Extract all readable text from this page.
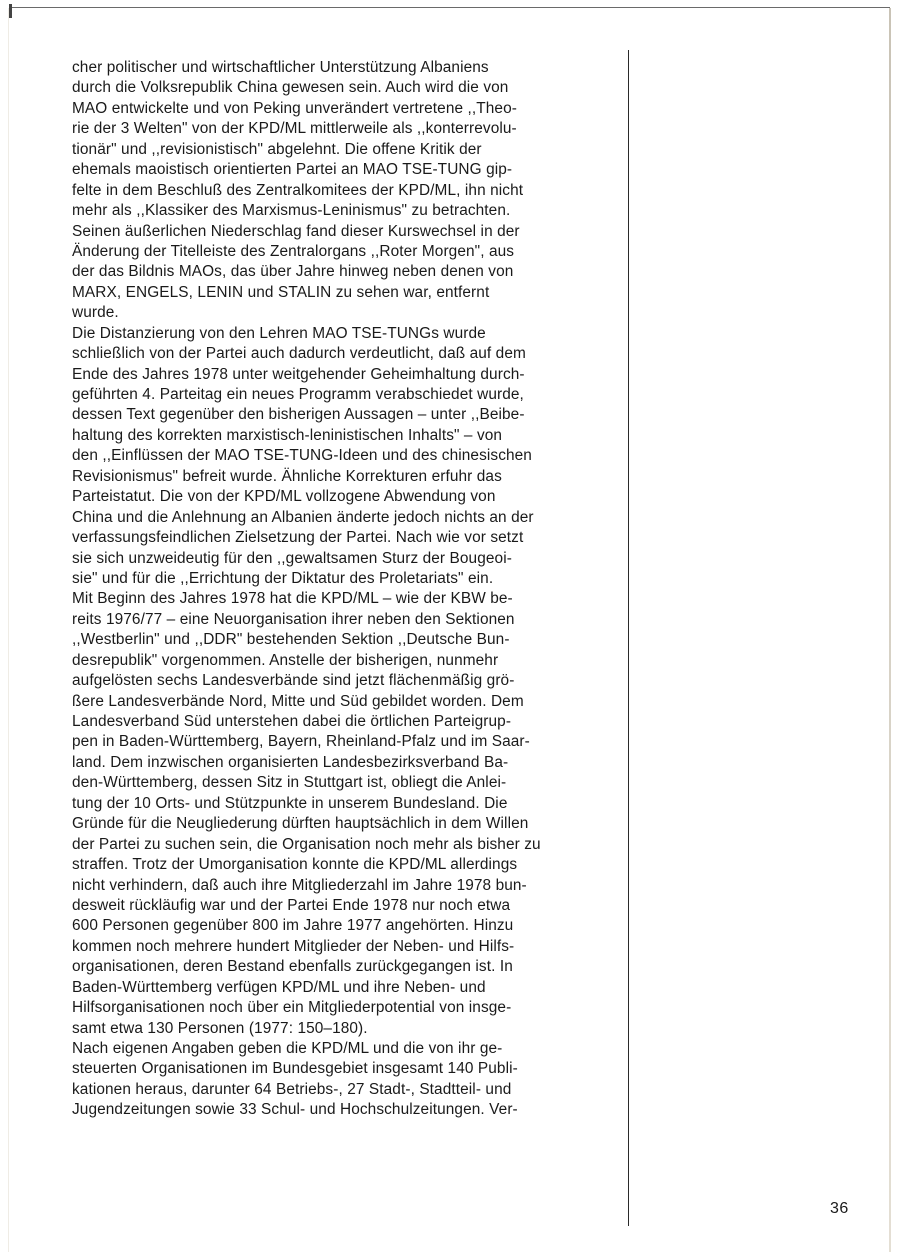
cher politischer und wirtschaftlicher Unterstützung Albaniens
durch die Volksrepublik China gewesen sein. Auch wird die von
MAO entwickelte und von Peking unverändert vertretene ,,Theo-
rie der 3 Welten" von der KPD/ML mittlerweile als ,,konterrevolu-
tionär" und ,,revisionistisch" abgelehnt. Die offene Kritik der
ehemals maoistisch orientierten Partei an MAO TSE-TUNG gip-
felte in dem Beschluß des Zentralkomitees der KPD/ML, ihn nicht
mehr als ,,Klassiker des Marxismus-Leninismus" zu betrachten.
Seinen äußerlichen Niederschlag fand dieser Kurswechsel in der
Änderung der Titelleiste des Zentralorgans ,,Roter Morgen", aus
der das Bildnis MAOs, das über Jahre hinweg neben denen von
MARX, ENGELS, LENIN und STALIN zu sehen war, entfernt
wurde.
Die Distanzierung von den Lehren MAO TSE-TUNGs wurde
schließlich von der Partei auch dadurch verdeutlicht, daß auf dem
Ende des Jahres 1978 unter weitgehender Geheimhaltung durch-
geführten 4. Parteitag ein neues Programm verabschiedet wurde,
dessen Text gegenüber den bisherigen Aussagen – unter ,,Beibe-
haltung des korrekten marxistisch-leninistischen Inhalts" – von
den ,,Einflüssen der MAO TSE-TUNG-Ideen und des chinesischen
Revisionismus" befreit wurde. Ähnliche Korrekturen erfuhr das
Parteistatut. Die von der KPD/ML vollzogene Abwendung von
China und die Anlehnung an Albanien änderte jedoch nichts an der
verfassungsfeindlichen Zielsetzung der Partei. Nach wie vor setzt
sie sich unzweideutig für den ,,gewaltsamen Sturz der Bougeoi-
sie" und für die ,,Errichtung der Diktatur des Proletariats" ein.
Mit Beginn des Jahres 1978 hat die KPD/ML – wie der KBW be-
reits 1976/77 – eine Neuorganisation ihrer neben den Sektionen
,,Westberlin" und ,,DDR" bestehenden Sektion ,,Deutsche Bun-
desrepublik" vorgenommen. Anstelle der bisherigen, nunmehr
aufgelösten sechs Landesverbände sind jetzt flächenmäßig grö-
ßere Landesverbände Nord, Mitte und Süd gebildet worden. Dem
Landesverband Süd unterstehen dabei die örtlichen Parteigrup-
pen in Baden-Württemberg, Bayern, Rheinland-Pfalz und im Saar-
land. Dem inzwischen organisierten Landesbezirksverband Ba-
den-Württemberg, dessen Sitz in Stuttgart ist, obliegt die Anlei-
tung der 10 Orts- und Stützpunkte in unserem Bundesland. Die
Gründe für die Neugliederung dürften hauptsächlich in dem Willen
der Partei zu suchen sein, die Organisation noch mehr als bisher zu
straffen. Trotz der Umorganisation konnte die KPD/ML allerdings
nicht verhindern, daß auch ihre Mitgliederzahl im Jahre 1978 bun-
desweit rückläufig war und der Partei Ende 1978 nur noch etwa
600 Personen gegenüber 800 im Jahre 1977 angehörten. Hinzu
kommen noch mehrere hundert Mitglieder der Neben- und Hilfs-
organisationen, deren Bestand ebenfalls zurückgegangen ist. In
Baden-Württemberg verfügen KPD/ML und ihre Neben- und
Hilfsorganisationen noch über ein Mitgliederpotential von insge-
samt etwa 130 Personen (1977: 150–180).
Nach eigenen Angaben geben die KPD/ML und die von ihr ge-
steuerten Organisationen im Bundesgebiet insgesamt 140 Publi-
kationen heraus, darunter 64 Betriebs-, 27 Stadt-, Stadtteil- und
Jugendzeitungen sowie 33 Schul- und Hochschulzeitungen. Ver-
36
